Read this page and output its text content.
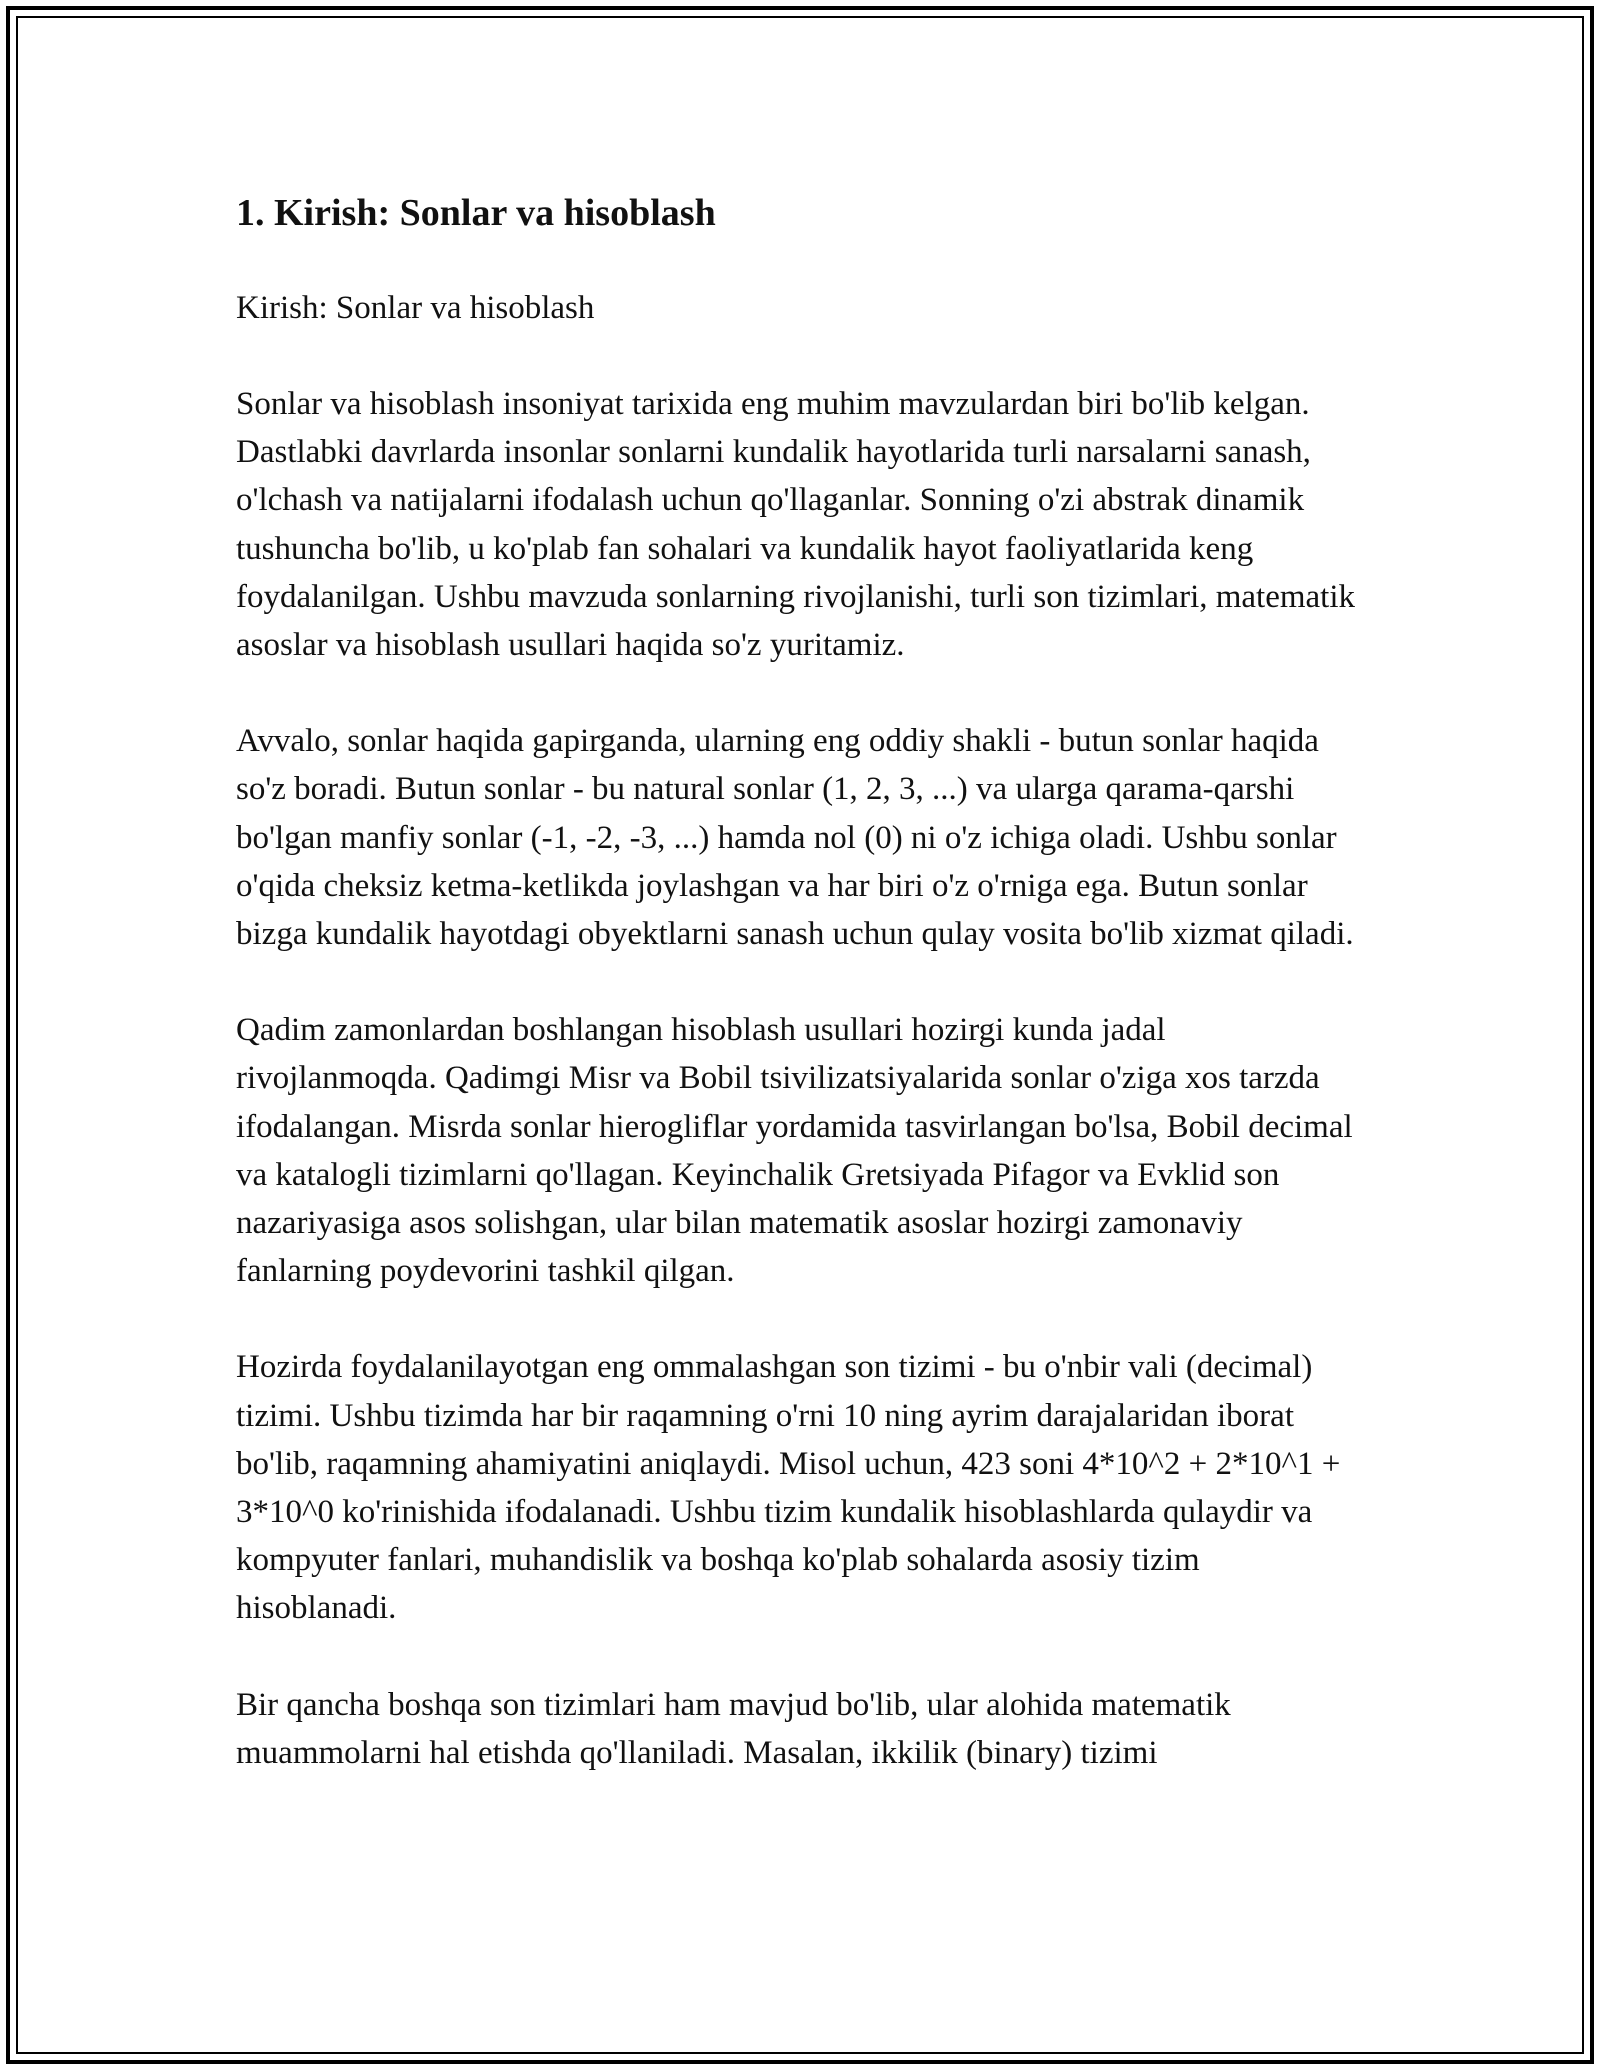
1. Kirish: Sonlar va hisoblash
Kirish: Sonlar va hisoblash

Sonlar va hisoblash insoniyat tarixida eng muhim mavzulardan biri bo'lib kelgan. Dastlabki davrlarda insonlar sonlarni kundalik hayotlarida turli narsalarni sanash, o'lchash va natijalarni ifodalash uchun qo'llaganlar. Sonning o'zi abstrak dinamik tushuncha bo'lib, u ko'plab fan sohalari va kundalik hayot faoliyatlarida keng foydalanilgan. Ushbu mavzuda sonlarning rivojlanishi, turli son tizimlari, matematik asoslar va hisoblash usullari haqida so'z yuritamiz.

Avvalo, sonlar haqida gapirganda, ularning eng oddiy shakli - butun sonlar haqida so'z boradi. Butun sonlar - bu natural sonlar (1, 2, 3, ...) va ularga qarama-qarshi bo'lgan manfiy sonlar (-1, -2, -3, ...) hamda nol (0) ni o'z ichiga oladi. Ushbu sonlar o'qida cheksiz ketma-ketlikda joylashgan va har biri o'z o'rniga ega. Butun sonlar bizga kundalik hayotdagi obyektlarni sanash uchun qulay vosita bo'lib xizmat qiladi.

Qadim zamonlardan boshlangan hisoblash usullari hozirgi kunda jadal rivojlanmoqda. Qadimgi Misr va Bobil tsivilizatsiyalarida sonlar o'ziga xos tarzda ifodalangan. Misrda sonlar hierogliflar yordamida tasvirlangan bo'lsa, Bobil decimal va katalogli tizimlarni qo'llagan. Keyinchalik Gretsiyada Pifagor va Evklid son nazariyasiga asos solishgan, ular bilan matematik asoslar hozirgi zamonaviy fanlarning poydevorini tashkil qilgan.

Hozirda foydalanilayotgan eng ommalashgan son tizimi - bu o'nbir vali (decimal) tizimi. Ushbu tizimda har bir raqamning o'rni 10 ning ayrim darajalaridan iborat bo'lib, raqamning ahamiyatini aniqlaydi. Misol uchun, 423 soni 4*10^2 + 2*10^1 + 3*10^0 ko'rinishida ifodalanadi. Ushbu tizim kundalik hisoblashlarda qulaydir va kompyuter fanlari, muhandislik va boshqa ko'plab sohalarda asosiy tizim hisoblanadi.

Bir qancha boshqa son tizimlari ham mavjud bo'lib, ular alohida matematik muammolarni hal etishda qo'llaniladi. Masalan, ikkilik (binary) tizimi
